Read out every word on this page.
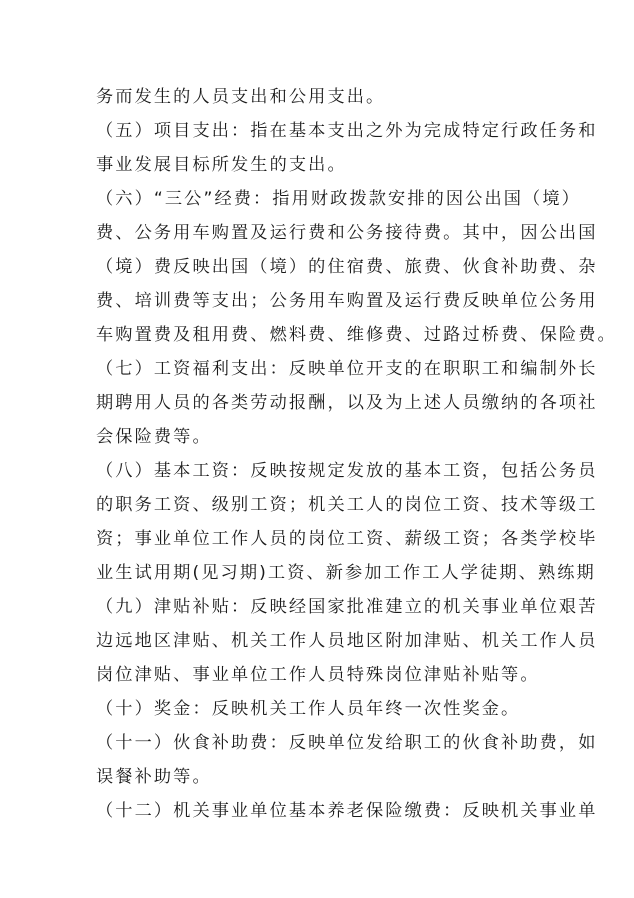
务而发生的人员支出和公用支出。
（五）项目支出：指在基本支出之外为完成特定行政任务和
事业发展目标所发生的支出。
（六）“三公”经费：指用财政拨款安排的因公出国（境）
费、公务用车购置及运行费和公务接待费。其中，因公出国
（境）费反映出国（境）的住宿费、旅费、伙食补助费、杂
费、培训费等支出；公务用车购置及运行费反映单位公务用
车购置费及租用费、燃料费、维修费、过路过桥费、保险费。
（七）工资福利支出：反映单位开支的在职职工和编制外长
期聘用人员的各类劳动报酬，以及为上述人员缴纳的各项社
会保险费等。
（八）基本工资：反映按规定发放的基本工资，包括公务员
的职务工资、级别工资；机关工人的岗位工资、技术等级工
资；事业单位工作人员的岗位工资、薪级工资；各类学校毕
业生试用期(见习期)工资、新参加工作工人学徒期、熟练期
（九）津贴补贴：反映经国家批准建立的机关事业单位艰苦
边远地区津贴、机关工作人员地区附加津贴、机关工作人员
岗位津贴、事业单位工作人员特殊岗位津贴补贴等。
（十）奖金：反映机关工作人员年终一次性奖金。
（十一）伙食补助费：反映单位发给职工的伙食补助费，如
误餐补助等。
（十二）机关事业单位基本养老保险缴费：反映机关事业单
